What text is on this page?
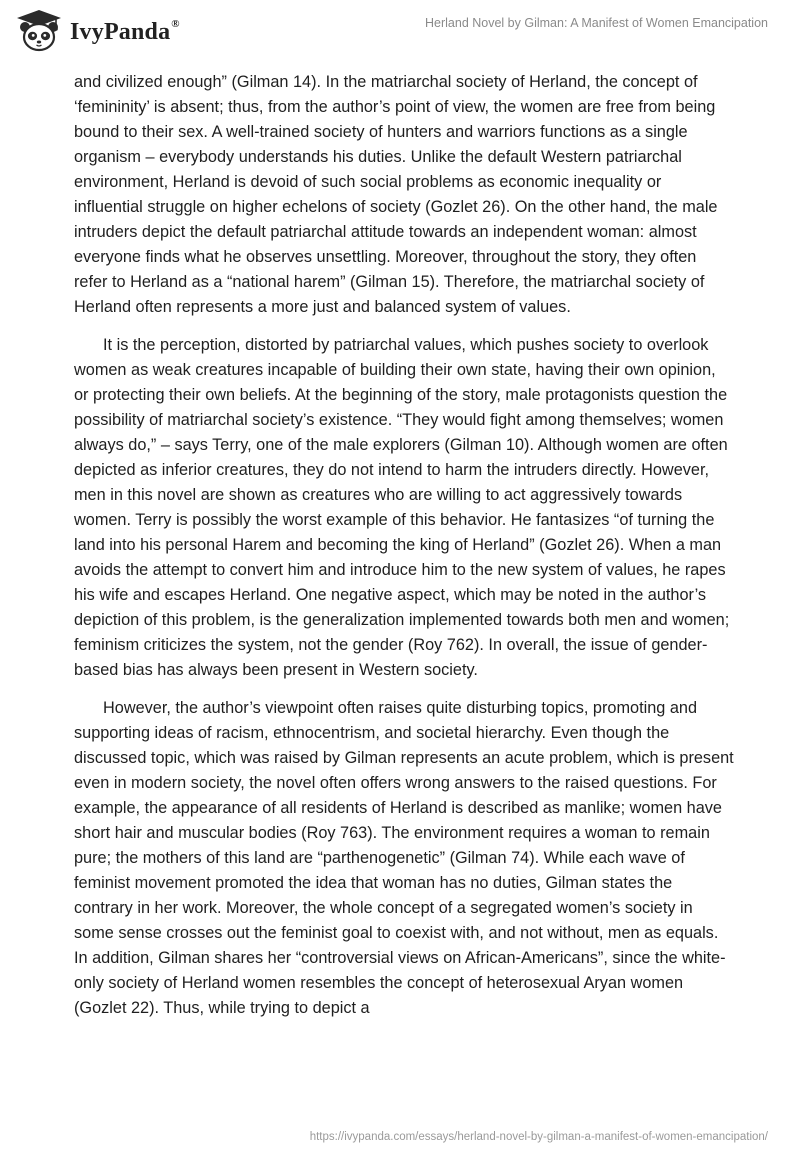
IvyPanda®	Herland Novel by Gilman: A Manifest of Women Emancipation

and civilized enough” (Gilman 14). In the matriarchal society of Herland, the concept of ‘femininity’ is absent; thus, from the author’s point of view, the women are free from being bound to their sex. A well-trained society of hunters and warriors functions as a single organism – everybody understands his duties. Unlike the default Western patriarchal environment, Herland is devoid of such social problems as economic inequality or influential struggle on higher echelons of society (Gozlet 26). On the other hand, the male intruders depict the default patriarchal attitude towards an independent woman: almost everyone finds what he observes unsettling. Moreover, throughout the story, they often refer to Herland as a “national harem” (Gilman 15). Therefore, the matriarchal society of Herland often represents a more just and balanced system of values.

It is the perception, distorted by patriarchal values, which pushes society to overlook women as weak creatures incapable of building their own state, having their own opinion, or protecting their own beliefs. At the beginning of the story, male protagonists question the possibility of matriarchal society’s existence. “They would fight among themselves; women always do,” – says Terry, one of the male explorers (Gilman 10). Although women are often depicted as inferior creatures, they do not intend to harm the intruders directly. However, men in this novel are shown as creatures who are willing to act aggressively towards women. Terry is possibly the worst example of this behavior. He fantasizes “of turning the land into his personal Harem and becoming the king of Herland” (Gozlet 26). When a man avoids the attempt to convert him and introduce him to the new system of values, he rapes his wife and escapes Herland. One negative aspect, which may be noted in the author’s depiction of this problem, is the generalization implemented towards both men and women; feminism criticizes the system, not the gender (Roy 762). In overall, the issue of gender-based bias has always been present in Western society.

However, the author’s viewpoint often raises quite disturbing topics, promoting and supporting ideas of racism, ethnocentrism, and societal hierarchy. Even though the discussed topic, which was raised by Gilman represents an acute problem, which is present even in modern society, the novel often offers wrong answers to the raised questions. For example, the appearance of all residents of Herland is described as manlike; women have short hair and muscular bodies (Roy 763). The environment requires a woman to remain pure; the mothers of this land are “parthenogenetic” (Gilman 74). While each wave of feminist movement promoted the idea that woman has no duties, Gilman states the contrary in her work. Moreover, the whole concept of a segregated women’s society in some sense crosses out the feminist goal to coexist with, and not without, men as equals. In addition, Gilman shares her “controversial views on African-Americans”, since the white-only society of Herland women resembles the concept of heterosexual Aryan women (Gozlet 22). Thus, while trying to depict a

https://ivypanda.com/essays/herland-novel-by-gilman-a-manifest-of-women-emancipation/
